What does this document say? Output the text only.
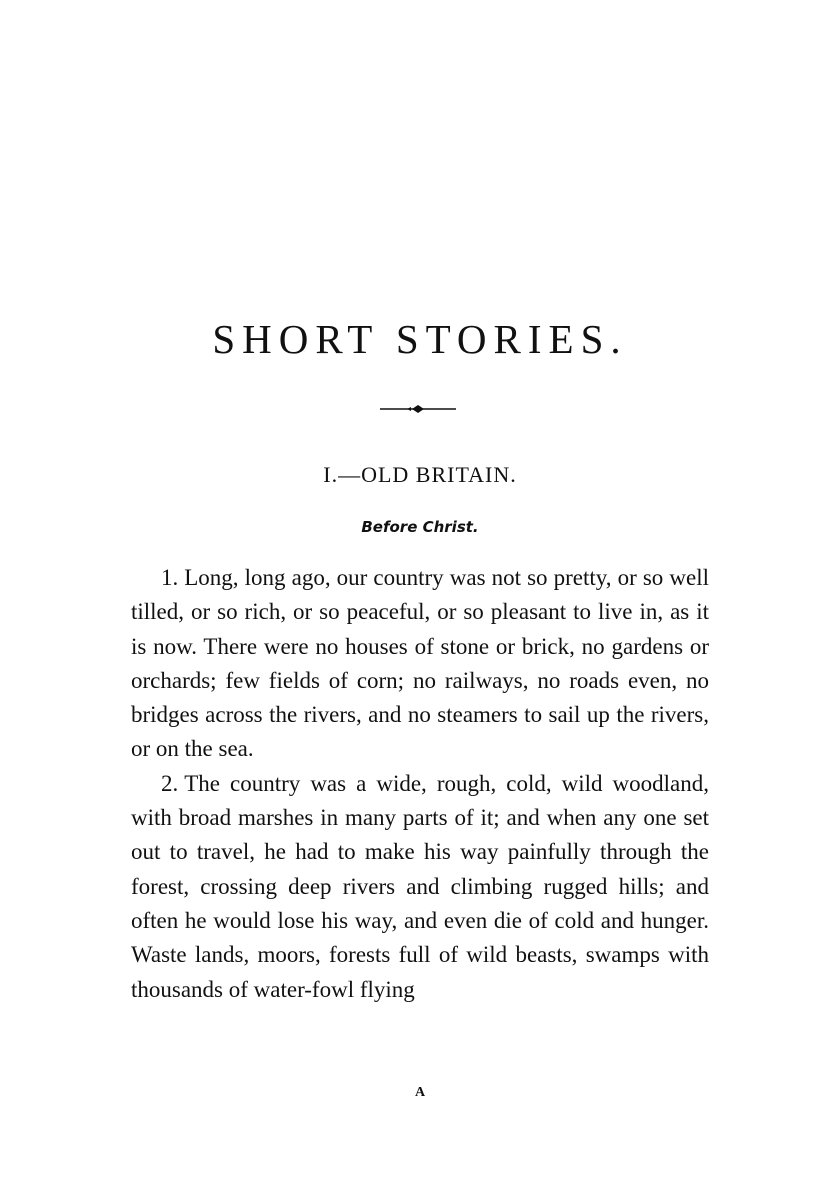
SHORT STORIES.
I.—OLD BRITAIN.
Before Christ.

1. Long, long ago, our country was not so pretty, or so well tilled, or so rich, or so peaceful, or so pleasant to live in, as it is now. There were no houses of stone or brick, no gardens or orchards; few fields of corn; no railways, no roads even, no bridges across the rivers, and no steamers to sail up the rivers, or on the sea.

2. The country was a wide, rough, cold, wild woodland, with broad marshes in many parts of it; and when any one set out to travel, he had to make his way painfully through the forest, crossing deep rivers and climbing rugged hills; and often he would lose his way, and even die of cold and hunger. Waste lands, moors, forests full of wild beasts, swamps with thousands of water-fowl flying

A
